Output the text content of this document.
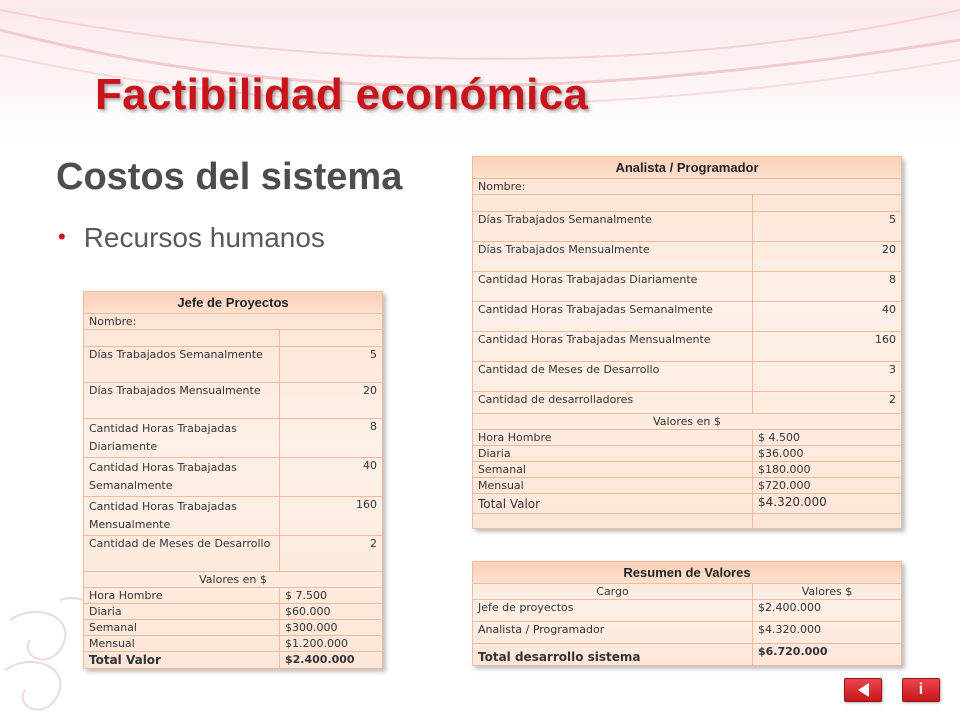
Factibilidad económica
Costos del sistema
• Recursos humanos
Jefe de Proyectos	
Nombre:	

Días Trabajados Semanalmente	5
Días Trabajados Mensualmente	20
Cantidad Horas Trabajadas Diariamente	8
Cantidad Horas Trabajadas Semanalmente	40
Cantidad Horas Trabajadas Mensualmente	160
Cantidad de Meses de Desarrollo	2
Valores en $	
Hora Hombre	$ 7.500
Diaria	$60.000
Semanal	$300.000
Mensual	$1.200.000
Total Valor	$2.400.000
Analista / Programador	
Nombre:	

Días Trabajados Semanalmente	5
Días Trabajados Mensualmente	20
Cantidad Horas Trabajadas Diariamente	8
Cantidad Horas Trabajadas Semanalmente	40
Cantidad Horas Trabajadas Mensualmente	160
Cantidad de Meses de Desarrollo	3
Cantidad de desarrolladores	2
Valores en $	
Hora Hombre	$ 4.500
Diaria	$36.000
Semanal	$180.000
Mensual	$720.000
Total Valor	$4.320.000

Resumen de Valores	
Cargo	Valores $
Jefe de proyectos	$2.400.000
Analista / Programador	$4.320.000
Total desarrollo sistema	$6.720.000
i
